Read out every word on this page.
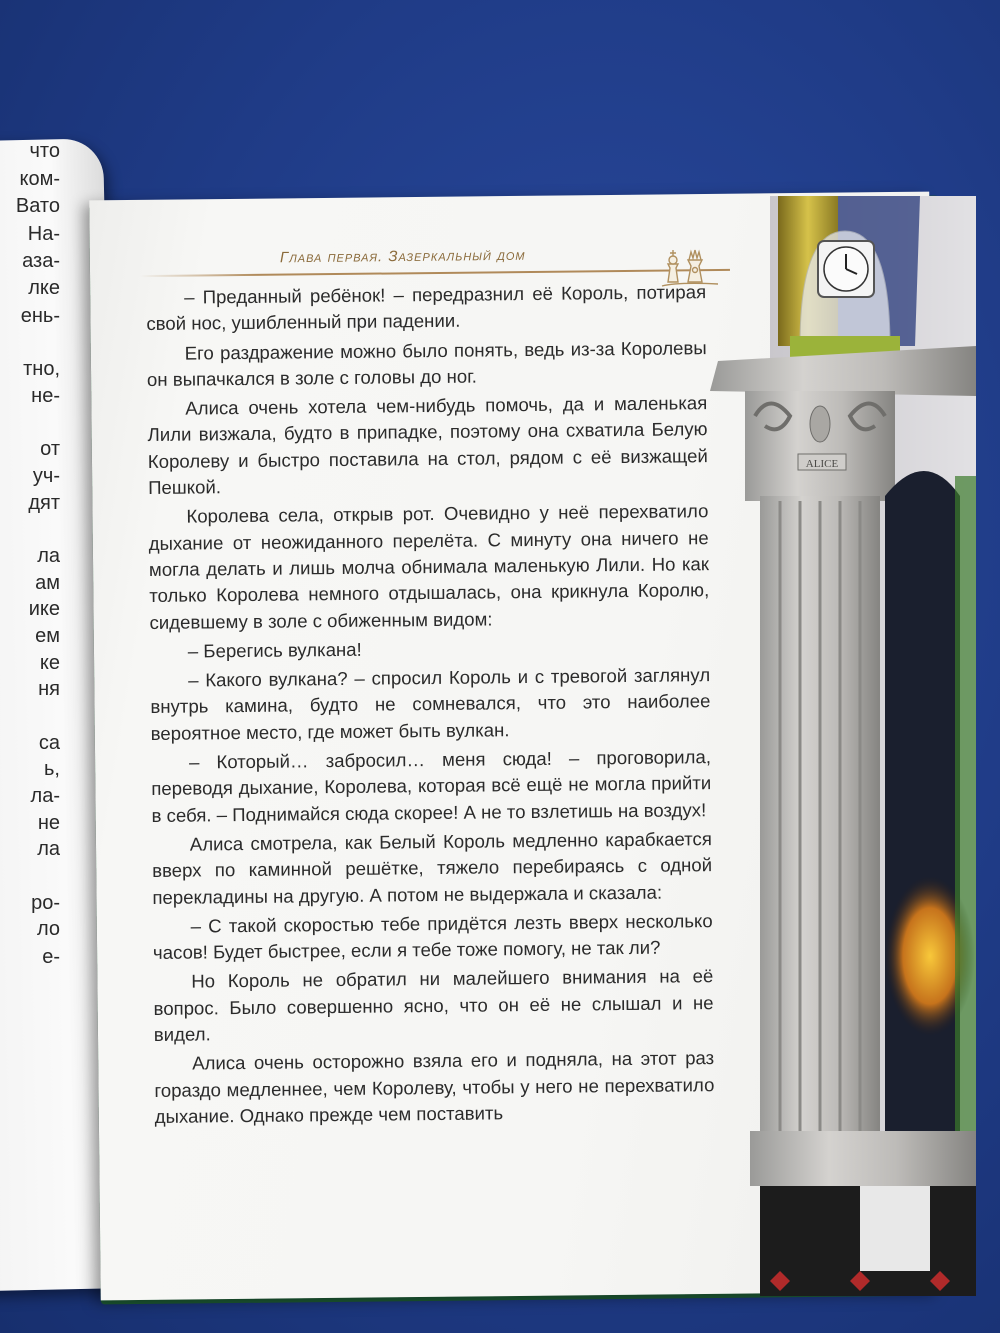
что
ком-
Вато
На-
аза-
лке
ень-
тно,
не-
от
уч-
дят
ла
ам
ике
ем
ке
ня
са
ь,
ла-
не
ла
ро-
ло
е-
Глава первая. Зазеркальный дом

– Преданный ребёнок! – передразнил её Король, потирая свой нос, ушибленный при падении.

Его раздражение можно было понять, ведь из-за Королевы он выпачкался в золе с головы до ног.

Алиса очень хотела чем-нибудь помочь, да и маленькая Лили визжала, будто в припадке, поэтому она схватила Белую Королеву и быстро поставила на стол, рядом с её визжащей Пешкой.

Королева села, открыв рот. Очевидно у неё перехватило дыхание от неожиданного перелёта. С минуту она ничего не могла делать и лишь молча обнимала маленькую Лили. Но как только Королева немного отдышалась, она крикнула Королю, сидевшему в золе с обиженным видом:

– Берегись вулкана!

– Какого вулкана? – спросил Король и с тревогой заглянул внутрь камина, будто не сомневался, что это наиболее вероятное место, где может быть вулкан.

– Который… забросил… меня сюда! – проговорила, переводя дыхание, Королева, которая всё ещё не могла прийти в себя. – Поднимайся сюда скорее! А не то взлетишь на воздух!

Алиса смотрела, как Белый Король медленно карабкается вверх по каминной решётке, тяжело перебираясь с одной перекладины на другую. А потом не выдержала и сказала:

– С такой скоростью тебе придётся лезть вверх несколько часов! Будет быстрее, если я тебе тоже помогу, не так ли?

Но Король не обратил ни малейшего внимания на её вопрос. Было совершенно ясно, что он её не слышал и не видел.

Алиса очень осторожно взяла его и подняла, на этот раз гораздо медленнее, чем Королеву, чтобы у него не перехватило дыхание. Однако прежде чем поставить

ALICE
